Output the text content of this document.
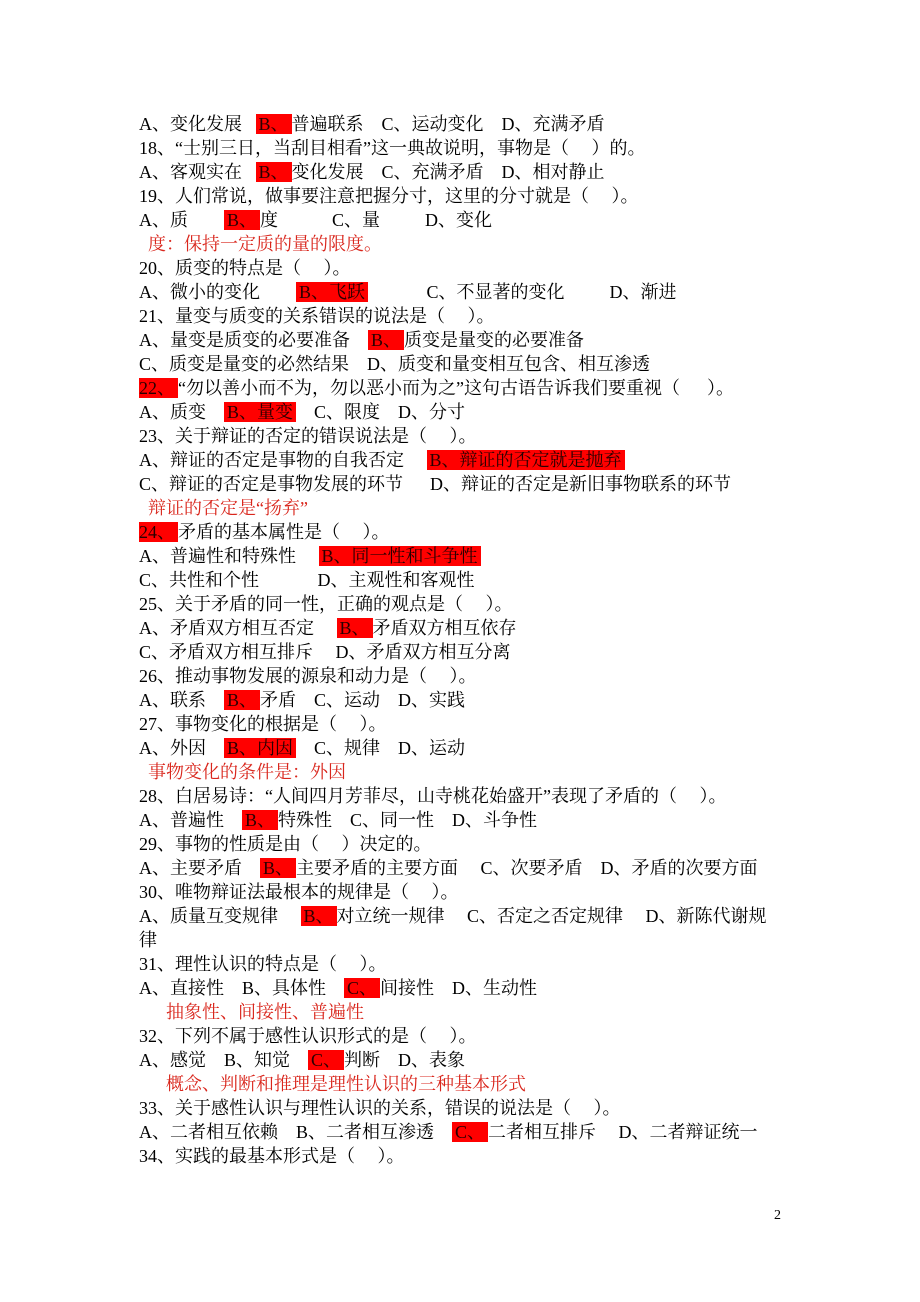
A、变化发展   B、 普遍联系    C、运动变化    D、充满矛盾
18、“士别三日，当刮目相看”这一典故说明，事物是（     ）的。
A、客观实在   B、 变化发展    C、充满矛盾    D、相对静止
19、人们常说，做事要注意把握分寸，这里的分寸就是（     ）。
A、质        B、 度            C、量          D、变化
度：保持一定质的量的限度。
20、质变的特点是（     ）。
A、微小的变化        B、飞跃             C、不显著的变化          D、渐进
21、量变与质变的关系错误的说法是（     ）。
A、量变是质变的必要准备    B、 质变是量变的必要准备
C、质变是量变的必然结果    D、质变和量变相互包含、相互渗透
22、 “勿以善小而不为，勿以恶小而为之”这句古语告诉我们要重视（      ）。
A、质变    B、量变    C、限度    D、分寸
23、关于辩证的否定的错误说法是（     ）。
A、辩证的否定是事物的自我否定     B、辩证的否定就是抛弃
C、辩证的否定是事物发展的环节      D、辩证的否定是新旧事物联系的环节
辩证的否定是“扬弃”
24、 矛盾的基本属性是（     ）。
A、普遍性和特殊性     B、同一性和斗争性
C、共性和个性             D、主观性和客观性
25、关于矛盾的同一性，正确的观点是（     ）。
A、矛盾双方相互否定     B、 矛盾双方相互依存
C、矛盾双方相互排斥     D、矛盾双方相互分离
26、推动事物发展的源泉和动力是（     ）。
A、联系    B、 矛盾    C、运动    D、实践
27、事物变化的根据是（     ）。
A、外因    B、内因    C、规律    D、运动
事物变化的条件是：外因
28、白居易诗：“人间四月芳菲尽，山寺桃花始盛开”表现了矛盾的（     ）。
A、普遍性    B、 特殊性    C、同一性    D、斗争性
29、事物的性质是由（     ）决定的。
A、主要矛盾    B、 主要矛盾的主要方面     C、次要矛盾    D、矛盾的次要方面
30、唯物辩证法最根本的规律是（     ）。
A、质量互变规律     B、 对立统一规律     C、否定之否定规律     D、新陈代谢规
律
31、理性认识的特点是（     ）。
A、直接性    B、具体性    C、 间接性    D、生动性
抽象性、间接性、普遍性
32、下列不属于感性认识形式的是（     ）。
A、感觉    B、知觉    C、 判断    D、表象
概念、判断和推理是理性认识的三种基本形式
33、关于感性认识与理性认识的关系，错误的说法是（     ）。
A、二者相互依赖    B、二者相互渗透    C、 二者相互排斥     D、二者辩证统一
34、实践的最基本形式是（     ）。
2
